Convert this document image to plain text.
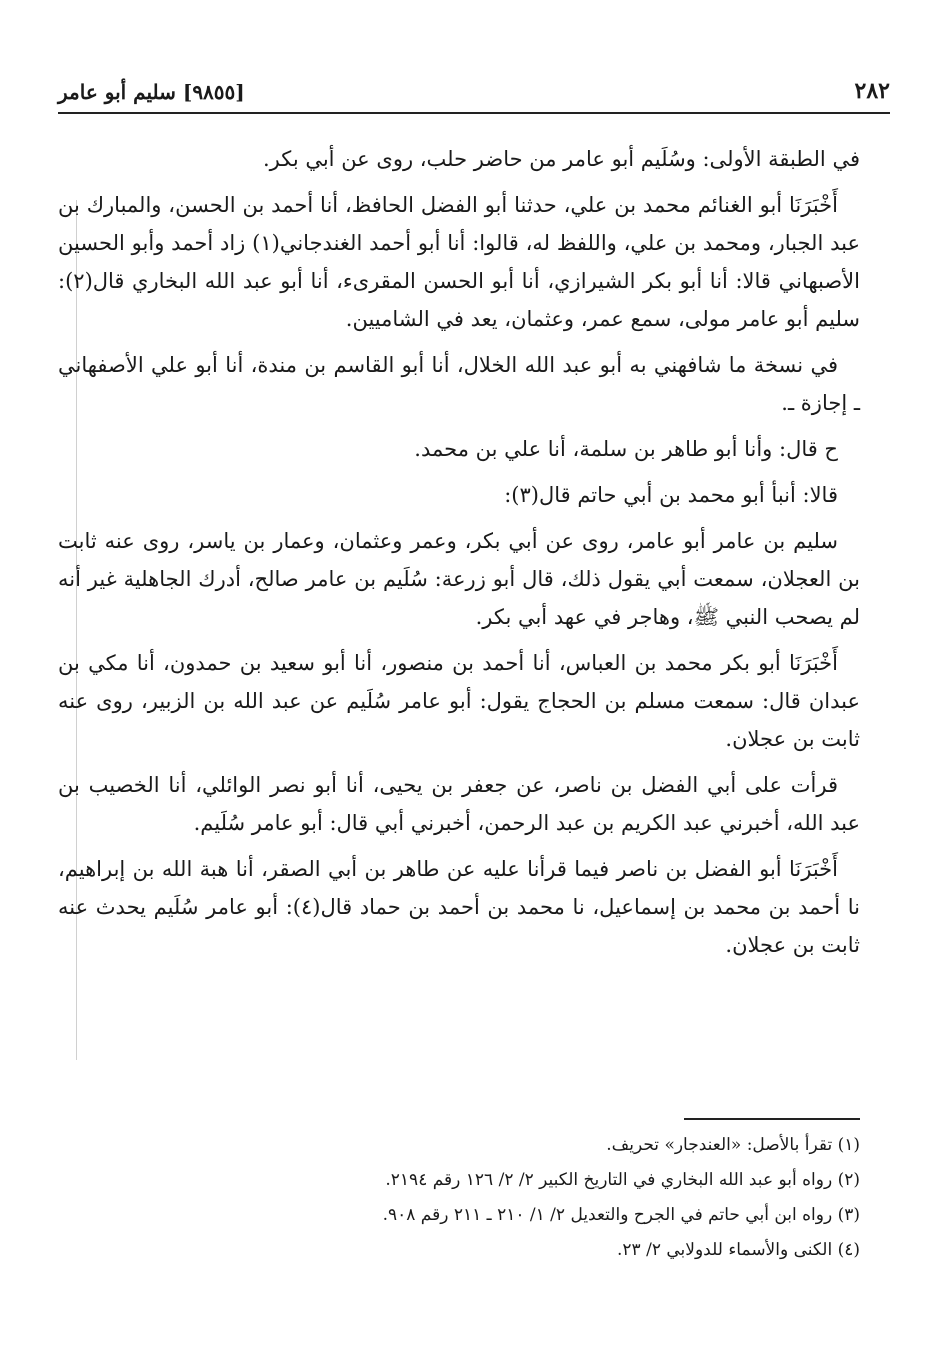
٢٨٢
[٩٨٥٥] سليم أبو عامر

في الطبقة الأولى: وسُلَيم أبو عامر من حاضر حلب، روى عن أبي بكر.

أَخْبَرَنَا أبو الغنائم محمد بن علي، حدثنا أبو الفضل الحافظ، أنا أحمد بن الحسن، والمبارك بن عبد الجبار، ومحمد بن علي، واللفظ له، قالوا: أنا أبو أحمد الغندجاني(١) زاد أحمد وأبو الحسين الأصبهاني قالا: أنا أبو بكر الشيرازي، أنا أبو الحسن المقرىء، أنا أبو عبد الله البخاري قال(٢): سليم أبو عامر مولى، سمع عمر، وعثمان، يعد في الشاميين.

في نسخة ما شافهني به أبو عبد الله الخلال، أنا أبو القاسم بن مندة، أنا أبو علي الأصفهاني ـ إجازة ـ.

ح قال: وأنا أبو طاهر بن سلمة، أنا علي بن محمد.

قالا: أنبأ أبو محمد بن أبي حاتم قال(٣):

سليم بن عامر أبو عامر، روى عن أبي بكر، وعمر وعثمان، وعمار بن ياسر، روى عنه ثابت بن العجلان، سمعت أبي يقول ذلك، قال أبو زرعة: سُلَيم بن عامر صالح، أدرك الجاهلية غير أنه لم يصحب النبي ﷺ، وهاجر في عهد أبي بكر.

أَخْبَرَنَا أبو بكر محمد بن العباس، أنا أحمد بن منصور، أنا أبو سعيد بن حمدون، أنا مكي بن عبدان قال: سمعت مسلم بن الحجاج يقول: أبو عامر سُلَيم عن عبد الله بن الزبير، روى عنه ثابت بن عجلان.

قرأت على أبي الفضل بن ناصر، عن جعفر بن يحيى، أنا أبو نصر الوائلي، أنا الخصيب بن عبد الله، أخبرني عبد الكريم بن عبد الرحمن، أخبرني أبي قال: أبو عامر سُلَيم.

أَخْبَرَنَا أبو الفضل بن ناصر فيما قرأنا عليه عن طاهر بن أبي الصقر، أنا هبة الله بن إبراهيم، نا أحمد بن محمد بن إسماعيل، نا محمد بن أحمد بن حماد قال(٤): أبو عامر سُلَيم يحدث عنه ثابت بن عجلان.

(١) تقرأ بالأصل: «العندجار» تحريف.
(٢) رواه أبو عبد الله البخاري في التاريخ الكبير ٢/ ٢/ ١٢٦ رقم ٢١٩٤.
(٣) رواه ابن أبي حاتم في الجرح والتعديل ٢/ ١/ ٢١٠ ـ ٢١١ رقم ٩٠٨.
(٤) الكنى والأسماء للدولابي ٢/ ٢٣.
